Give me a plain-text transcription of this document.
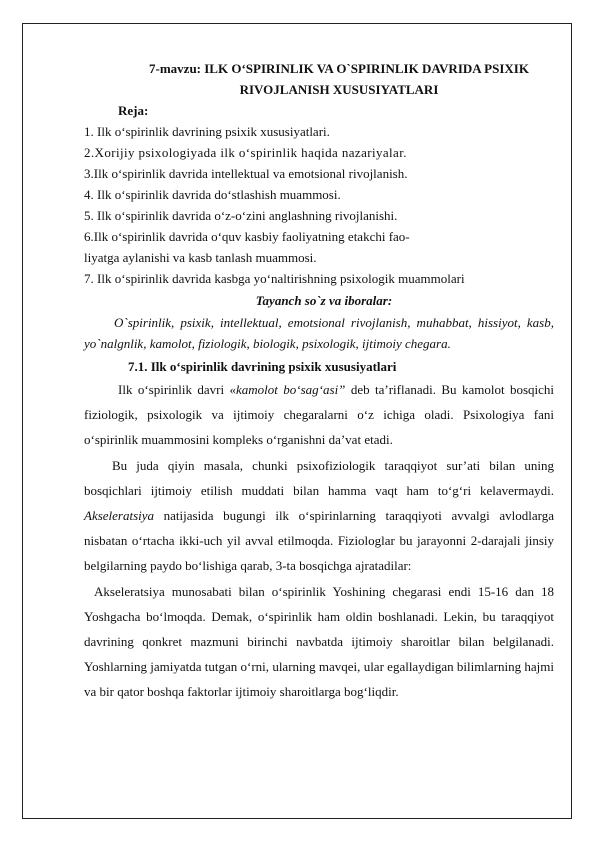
7-mavzu: ILK O‘SPIRINLIK VA O`SPIRINLIK DAVRIDA PSIXIK
RIVOJLANISH XUSUSIYATLARI
Reja:
1. Ilk o‘spirinlik davrining psixik xususiyatlari.
2.Xorijiy psixologiyada ilk o‘spirinlik haqida nazariyalar.
3.Ilk o‘spirinlik davrida intellektual va emotsional rivojlanish.
4. Ilk o‘spirinlik davrida do‘stlashish muammosi.
5. Ilk o‘spirinlik davrida o‘z-o‘zini anglashning rivojlanishi.
6.Ilk o‘spirinlik davrida o‘quv kasbiy faoliyatning etakchi fao-
liyatga aylanishi va kasb tanlash muammosi.
7. Ilk o‘spirinlik davrida kasbga yo‘naltirishning psixologik muammolari
Tayanch so`z va iboralar:

O`spirinlik, psixik, intellektual, emotsional rivojlanish, muhabbat, hissiyot, kasb, yo`nalgnlik, kamolot, fiziologik, biologik, psixologik, ijtimoiy chegara.

7.1. Ilk o‘spirinlik davrining psixik xususiyatlari

Ilk o‘spirinlik davri «kamolot bo‘sag‘asi” deb ta’riflanadi. Bu kamolot bosqichi fiziologik, psixologik va ijtimoiy chegaralarni o‘z ichiga oladi. Psixologiya fani o‘spirinlik muammosini kompleks o‘rganishni da’vat etadi.

Bu juda qiyin masala, chunki psixofiziologik taraqqiyot sur’ati bilan uning bosqichlari ijtimoiy etilish muddati bilan hamma vaqt ham to‘g‘ri kelavermaydi. Akseleratsiya natijasida bugungi ilk o‘spirinlarning taraqqiyoti avvalgi avlodlarga nisbatan o‘rtacha ikki-uch yil avval etilmoqda. Fiziologlar bu jarayonni 2-darajali jinsiy belgilarning paydo bo‘lishiga qarab, 3-ta bosqichga ajratadilar:

Akseleratsiya munosabati bilan o‘spirinlik Yoshining chegarasi endi 15-16 dan 18 Yoshgacha bo‘lmoqda. Demak, o‘spirinlik ham oldin boshlanadi. Lekin, bu taraqqiyot davrining qonkret mazmuni birinchi navbatda ijtimoiy sharoitlar bilan belgilanadi. Yoshlarning jamiyatda tutgan o‘rni, ularning mavqei, ular egallaydigan bilimlarning hajmi va bir qator boshqa faktorlar ijtimoiy sharoitlarga bog‘liqdir.
